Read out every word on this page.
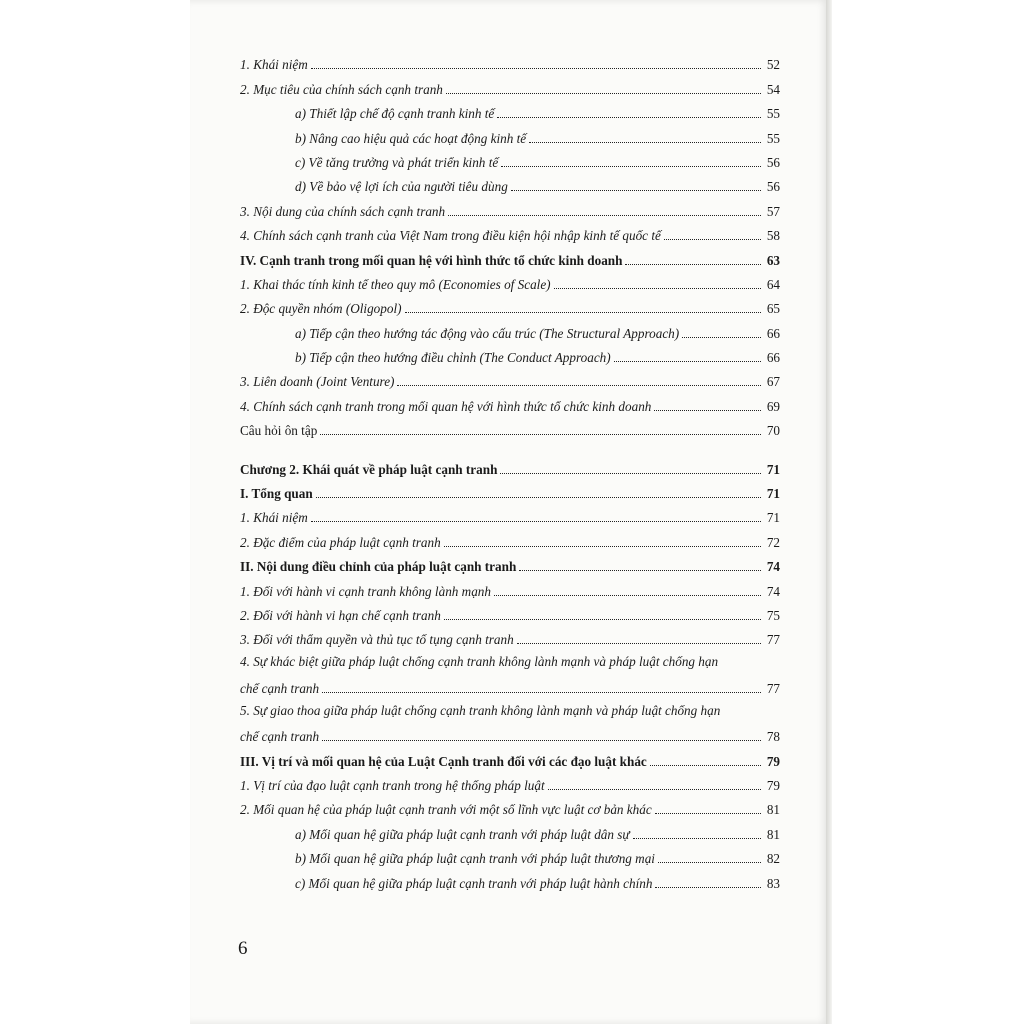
1. Khái niệm	52
2. Mục tiêu của chính sách cạnh tranh	54
a) Thiết lập chế độ cạnh tranh kinh tế	55
b) Nâng cao hiệu quả các hoạt động kinh tế	55
c) Về tăng trưởng và phát triển kinh tế	56
d) Về bảo vệ lợi ích của người tiêu dùng	56
3. Nội dung của chính sách cạnh tranh	57
4. Chính sách cạnh tranh của Việt Nam trong điều kiện hội nhập kinh tế quốc tế	58
IV. Cạnh tranh trong mối quan hệ với hình thức tổ chức kinh doanh	63
1. Khai thác tính kinh tế theo quy mô (Economies of Scale)	64
2. Độc quyền nhóm (Oligopol)	65
a) Tiếp cận theo hướng tác động vào cấu trúc (The Structural Approach)	66
b) Tiếp cận theo hướng điều chỉnh (The Conduct Approach)	66
3. Liên doanh (Joint Venture)	67
4. Chính sách cạnh tranh trong mối quan hệ với hình thức tổ chức kinh doanh	69
Câu hỏi ôn tập	70
Chương 2. Khái quát về pháp luật cạnh tranh	71
I. Tổng quan	71
1. Khái niệm	71
2. Đặc điểm của pháp luật cạnh tranh	72
II. Nội dung điều chỉnh của pháp luật cạnh tranh	74
1. Đối với hành vi cạnh tranh không lành mạnh	74
2. Đối với hành vi hạn chế cạnh tranh	75
3. Đối với thẩm quyền và thủ tục tố tụng cạnh tranh	77
4. Sự khác biệt giữa pháp luật chống cạnh tranh không lành mạnh và pháp luật chống hạn
chế cạnh tranh	77
5. Sự giao thoa giữa pháp luật chống cạnh tranh không lành mạnh và pháp luật chống hạn
chế cạnh tranh	78
III. Vị trí và mối quan hệ của Luật Cạnh tranh đối với các đạo luật khác	79
1. Vị trí của đạo luật cạnh tranh trong hệ thống pháp luật	79
2. Mối quan hệ của pháp luật cạnh tranh với một số lĩnh vực luật cơ bản khác	81
a) Mối quan hệ giữa pháp luật cạnh tranh với pháp luật dân sự	81
b) Mối quan hệ giữa pháp luật cạnh tranh với pháp luật thương mại	82
c) Mối quan hệ giữa pháp luật cạnh tranh với pháp luật hành chính	83
6
